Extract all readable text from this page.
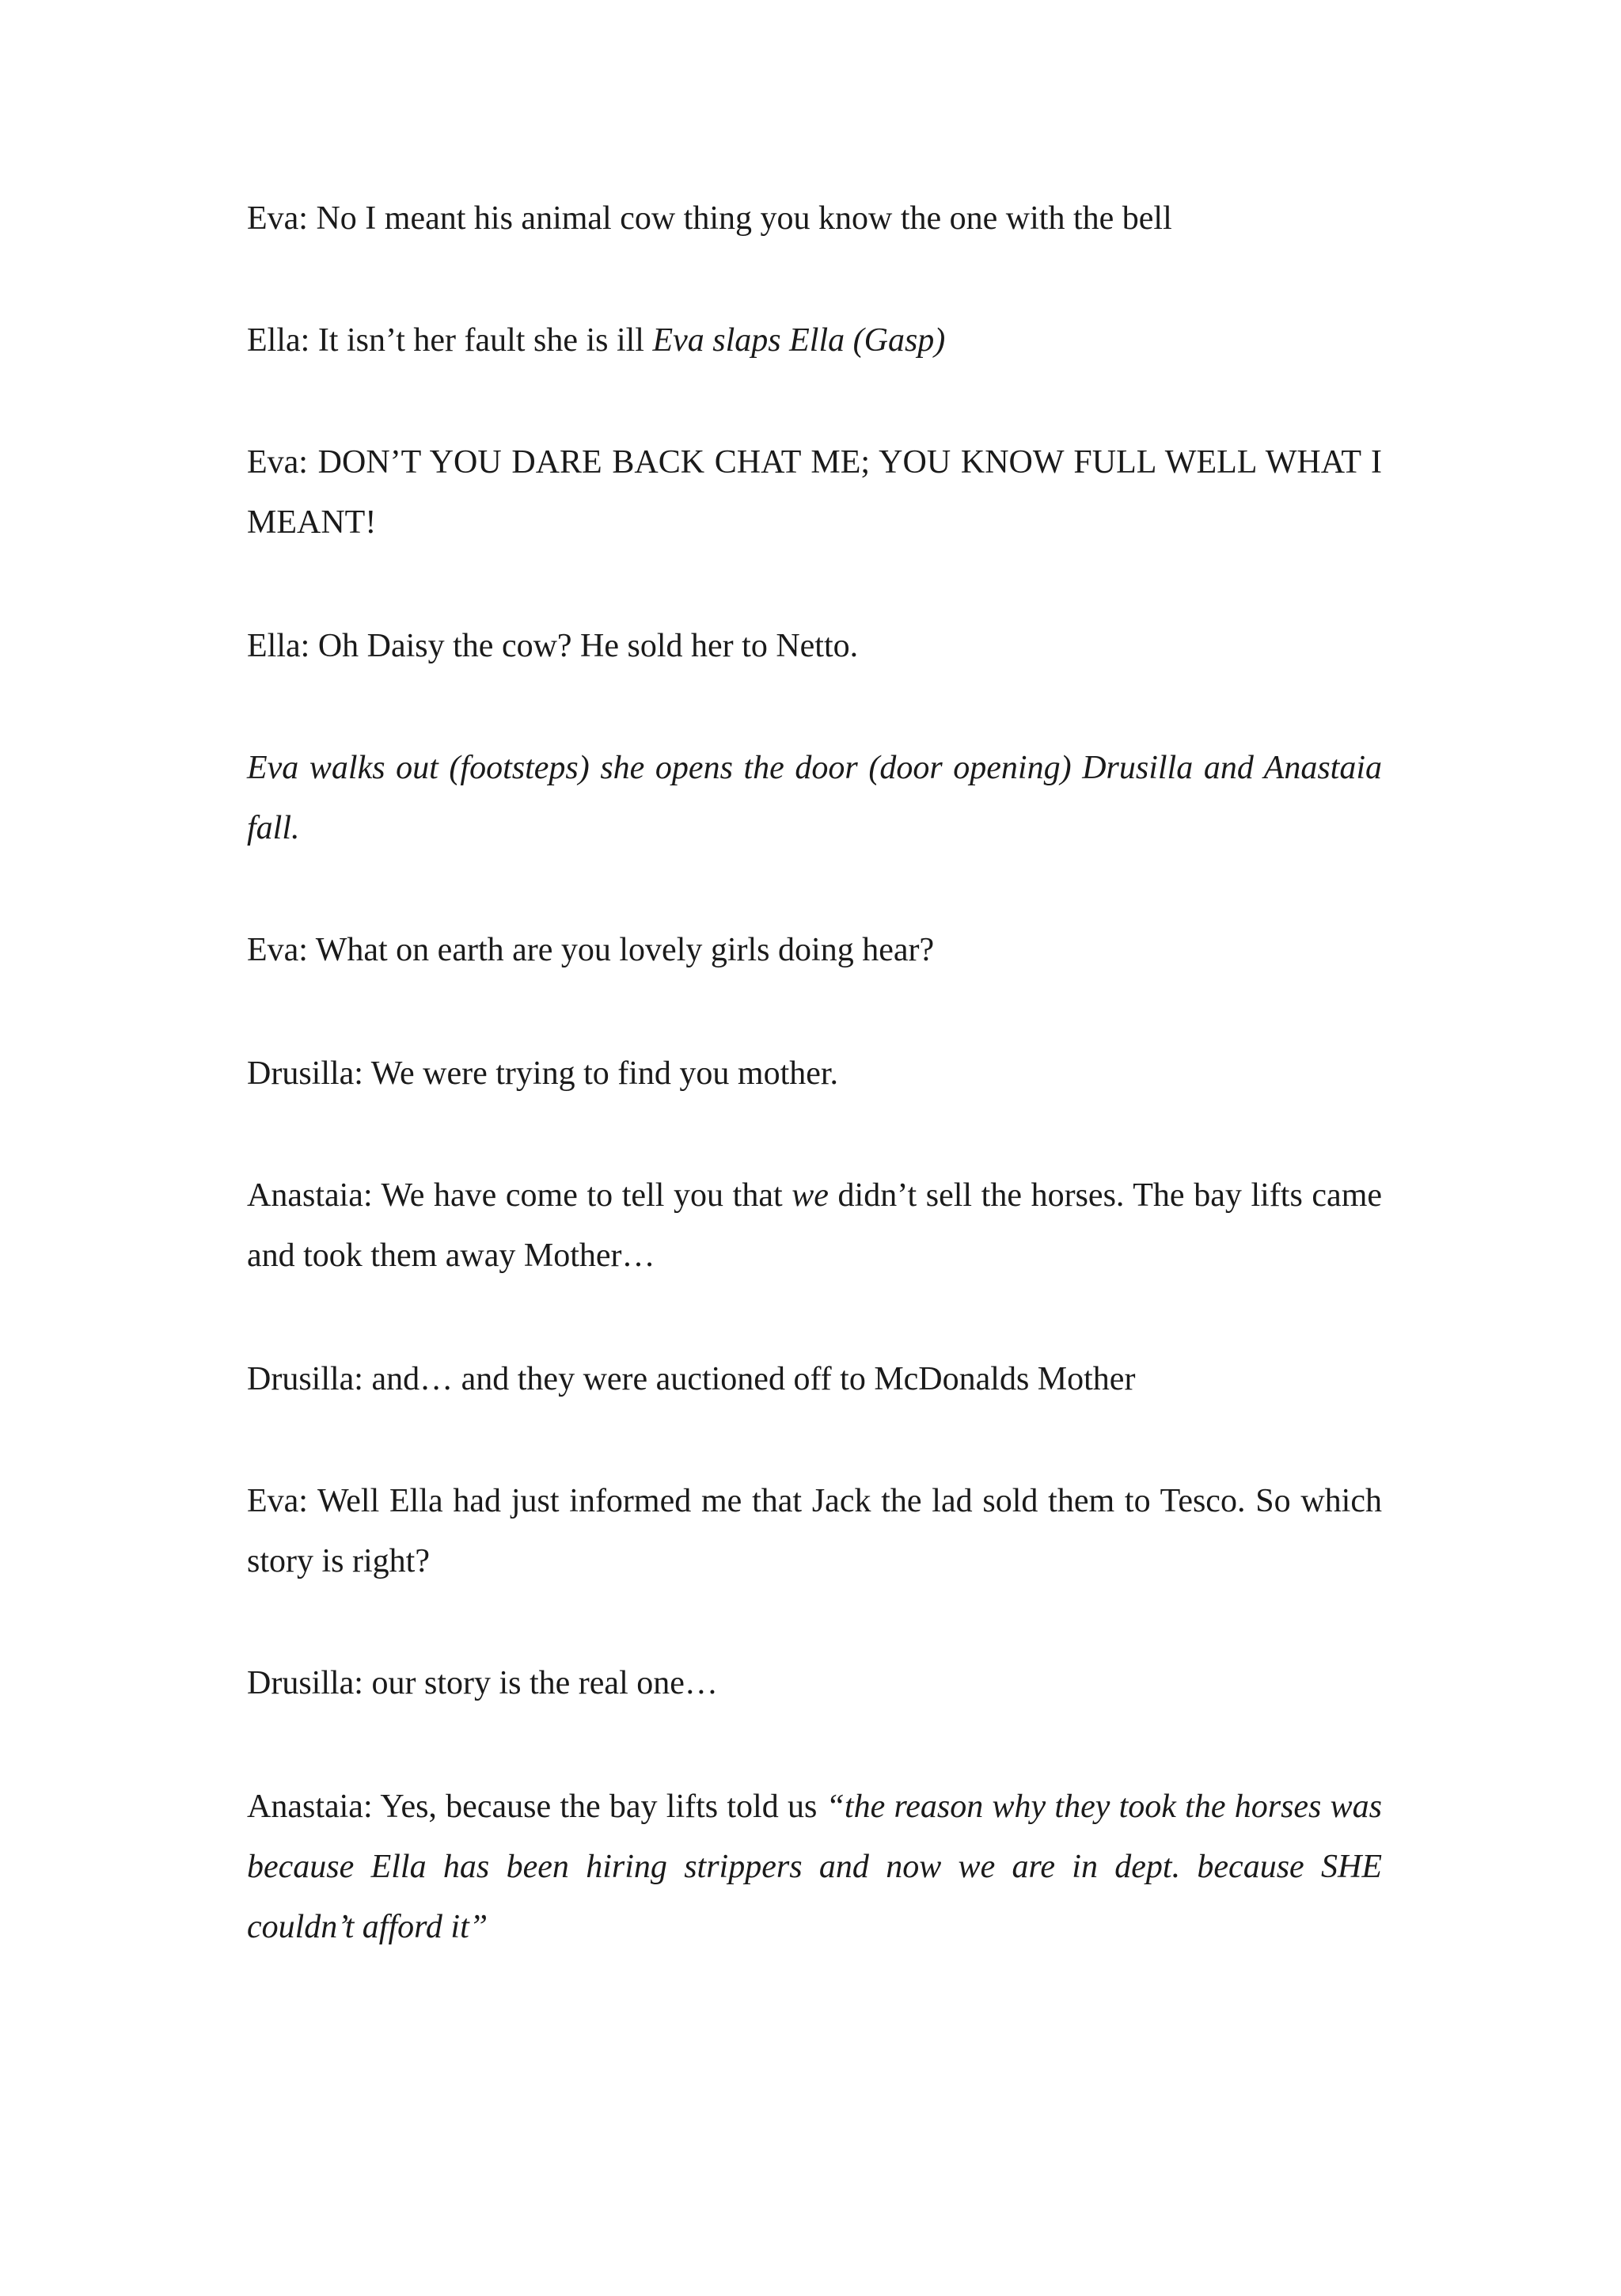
Eva: No I meant his animal cow thing you know the one with the bell

Ella: It isn’t her fault she is ill Eva slaps Ella (Gasp)

Eva: DON’T YOU DARE BACK CHAT ME; YOU KNOW FULL WELL WHAT I MEANT!

Ella: Oh Daisy the cow? He sold her to Netto.

Eva walks out (footsteps) she opens the door (door opening) Drusilla and Anastaia fall.

Eva: What on earth are you lovely girls doing hear?

Drusilla: We were trying to find you mother.

Anastaia: We have come to tell you that we didn’t sell the horses. The bay lifts came and took them away Mother…

Drusilla: and… and they were auctioned off to McDonalds Mother

Eva: Well Ella had just informed me that Jack the lad sold them to Tesco. So which story is right?

Drusilla: our story is the real one…

Anastaia: Yes, because the bay lifts told us “the reason why they took the horses was because Ella has been hiring strippers and now we are in dept. because SHE couldn’t afford it”
